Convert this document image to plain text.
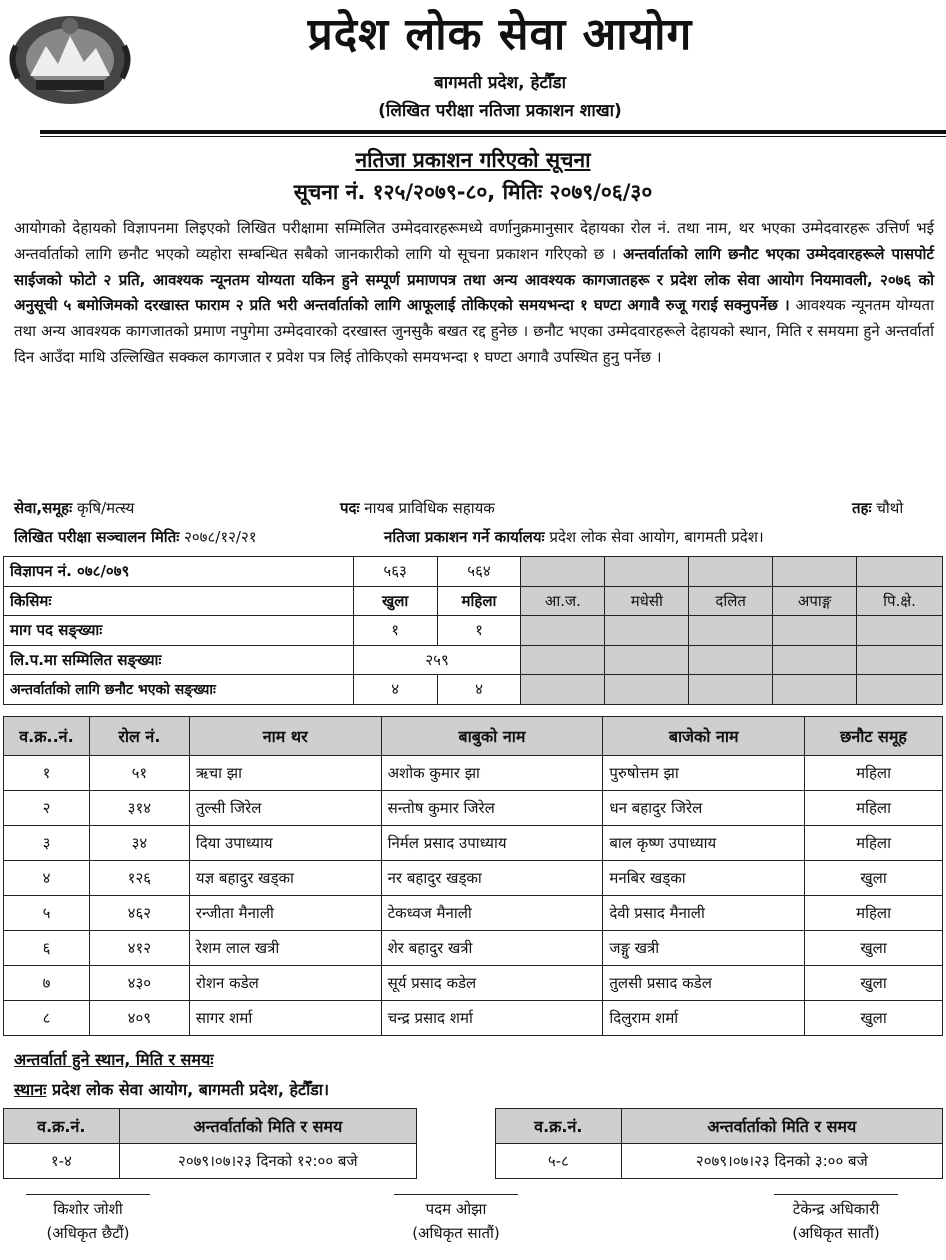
प्रदेश लोक सेवा आयोग
बागमती प्रदेश, हेटौँडा
(लिखित परीक्षा नतिजा प्रकाशन शाखा)
नतिजा प्रकाशन गरिएको सूचना
सूचना नं. १२५/२०७९-८०, मितिः २०७९/०६/३०
आयोगको देहायको विज्ञापनमा लिइएको लिखित परीक्षामा सम्मिलित उम्मेदवारहरूमध्ये वर्णानुक्रमानुसार देहायका रोल नं. तथा नाम, थर भएका उम्मेदवारहरू उत्तिर्ण भई अन्तर्वार्ताको लागि छनौट भएको व्यहोरा सम्बन्धित सबैको जानकारीको लागि यो सूचना प्रकाशन गरिएको छ । अन्तर्वार्ताको लागि छनौट भएका उम्मेदवारहरूले पासपोर्ट साईजको फोटो २ प्रति, आवश्यक न्यूनतम योग्यता यकिन हुने सम्पूर्ण प्रमाणपत्र तथा अन्य आवश्यक कागजातहरू र प्रदेश लोक सेवा आयोग नियमावली, २०७६ को अनुसूची ५ बमोजिमको दरखास्त फाराम २ प्रति भरी अन्तर्वार्ताको लागि आफूलाई तोकिएको समयभन्दा १ घण्टा अगावै रुजू गराई सक्नुपर्नेछ । आवश्यक न्यूनतम योग्यता तथा अन्य आवश्यक कागजातको प्रमाण नपुगेमा उम्मेदवारको दरखास्त जुनसुकै बखत रद्द हुनेछ । छनौट भएका उम्मेदवारहरूले देहायको स्थान, मिति र समयमा हुने अन्तर्वार्ता दिन आउँदा माथि उल्लिखित सक्कल कागजात र प्रवेश पत्र लिई तोकिएको समयभन्दा १ घण्टा अगावै उपस्थित हुनु पर्नेछ ।
सेवा,समूहः कृषि/मत्स्य	पदः नायब प्राविधिक सहायक	तहः चौथो
लिखित परीक्षा सञ्चालन मितिः २०७८/१२/२१	नतिजा प्रकाशन गर्ने कार्यालयः प्रदेश लोक सेवा आयोग, बागमती प्रदेश।
विज्ञापन नं. ०७८/०७९	५६३	५६४					
किसिमः	खुला	महिला	आ.ज.	मधेसी	दलित	अपाङ्ग	पि.क्षे.
माग पद सङ्ख्याः	१	१					
लि.प.मा सम्मिलित सङ्ख्याः	२५९						
अन्तर्वार्ताको लागि छनौट भएको सङ्ख्याः	४	४					
व.क्र..नं.	रोल नं.	नाम थर	बाबुको नाम	बाजेको नाम	छनौट समूह
१	५१	ऋचा झा	अशोक कुमार झा	पुरुषोत्तम झा	महिला
२	३१४	तुल्सी जिरेल	सन्तोष कुमार जिरेल	धन बहादुर जिरेल	महिला
३	३४	दिया उपाध्याय	निर्मल प्रसाद उपाध्याय	बाल कृष्ण उपाध्याय	महिला
४	१२६	यज्ञ बहादुर खड्का	नर बहादुर खड्का	मनबिर खड्का	खुला
५	४६२	रन्जीता मैनाली	टेकध्वज मैनाली	देवी प्रसाद मैनाली	महिला
६	४१२	रेशम लाल खत्री	शेर बहादुर खत्री	जङ्गु खत्री	खुला
७	४३०	रोशन कडेल	सूर्य प्रसाद कडेल	तुलसी प्रसाद कडेल	खुला
८	४०९	सागर शर्मा	चन्द्र प्रसाद शर्मा	दिलुराम शर्मा	खुला
अन्तर्वार्ता हुने स्थान, मिति र समयः
स्थानः प्रदेश लोक सेवा आयोग, बागमती प्रदेश, हेटौँडा।
व.क्र.नं.	अन्तर्वार्ताको मिति र समय
१-४	२०७९।०७।२३ दिनको १२:०० बजे
व.क्र.नं.	अन्तर्वार्ताको मिति र समय
५-८	२०७९।०७।२३ दिनको ३:०० बजे
किशोर जोशी
(अधिकृत छैटौं)
पदम ओझा
(अधिकृत सातौं)
टेकेन्द्र अधिकारी
(अधिकृत सातौं)
